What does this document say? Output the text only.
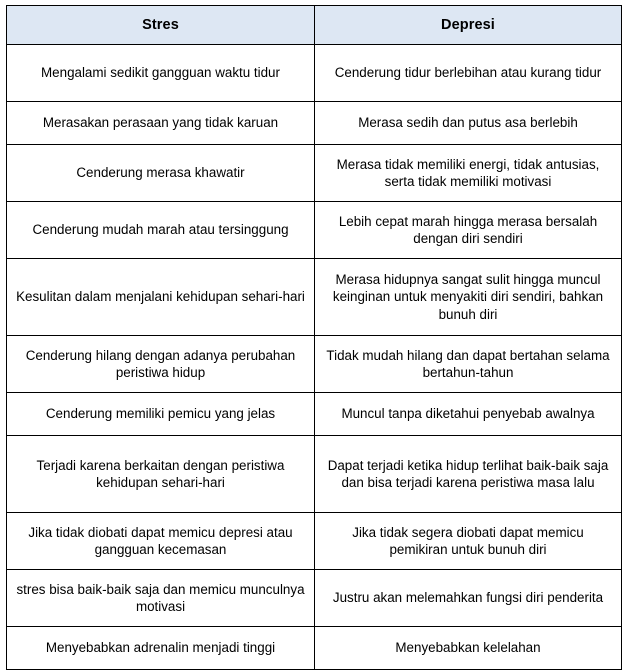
Stres	Depresi
Mengalami sedikit gangguan waktu tidur	Cenderung tidur berlebihan atau kurang tidur
Merasakan perasaan yang tidak karuan	Merasa sedih dan putus asa berlebih
Cenderung merasa khawatir	Merasa tidak memiliki energi, tidak antusias, serta tidak memiliki motivasi
Cenderung mudah marah atau tersinggung	Lebih cepat marah hingga merasa bersalah dengan diri sendiri
Kesulitan dalam menjalani kehidupan sehari-hari	Merasa hidupnya sangat sulit hingga muncul keinginan untuk menyakiti diri sendiri, bahkan bunuh diri
Cenderung hilang dengan adanya perubahan peristiwa hidup	Tidak mudah hilang dan dapat bertahan selama bertahun-tahun
Cenderung memiliki pemicu yang jelas	Muncul tanpa diketahui penyebab awalnya
Terjadi karena berkaitan dengan peristiwa kehidupan sehari-hari	Dapat terjadi ketika hidup terlihat baik-baik saja dan bisa terjadi karena peristiwa masa lalu
Jika tidak diobati dapat memicu depresi atau gangguan kecemasan	Jika tidak segera diobati dapat memicu pemikiran untuk bunuh diri
stres bisa baik-baik saja dan memicu munculnya motivasi	Justru akan melemahkan fungsi diri penderita
Menyebabkan adrenalin menjadi tinggi	Menyebabkan kelelahan
